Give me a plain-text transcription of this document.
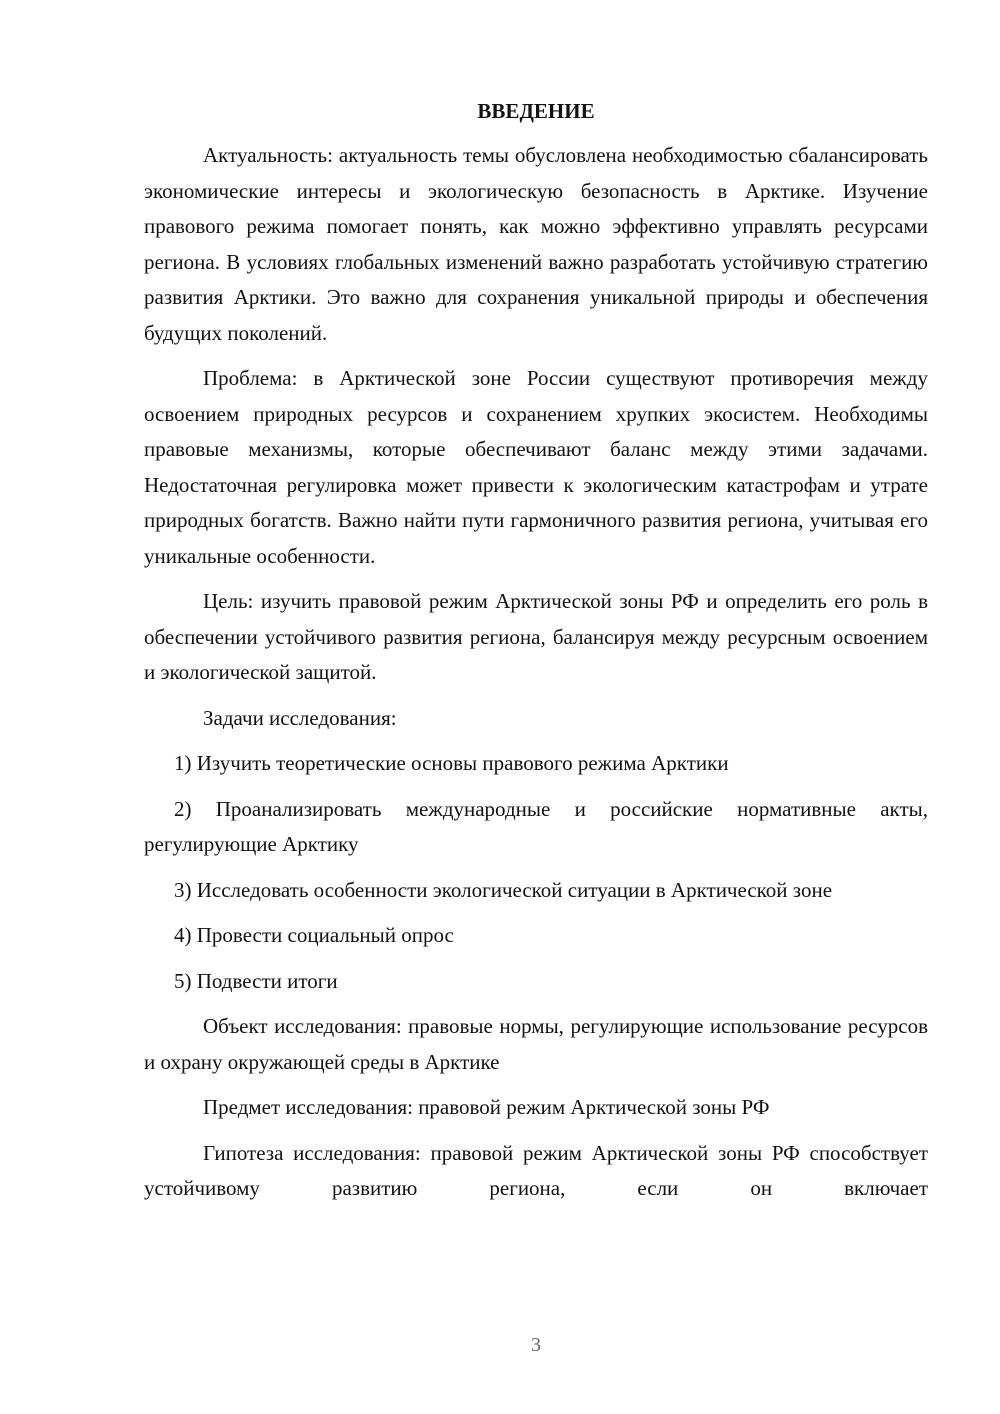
ВВЕДЕНИЕ

Актуальность: актуальность темы обусловлена необходимостью сбалансировать экономические интересы и экологическую безопасность в Арктике. Изучение правового режима помогает понять, как можно эффективно управлять ресурсами региона. В условиях глобальных изменений важно разработать устойчивую стратегию развития Арктики. Это важно для сохранения уникальной природы и обеспечения будущих поколений.

Проблема: в Арктической зоне России существуют противоречия между освоением природных ресурсов и сохранением хрупких экосистем. Необходимы правовые механизмы, которые обеспечивают баланс между этими задачами. Недостаточная регулировка может привести к экологическим катастрофам и утрате природных богатств. Важно найти пути гармоничного развития региона, учитывая его уникальные особенности.

Цель: изучить правовой режим Арктической зоны РФ и определить его роль в обеспечении устойчивого развития региона, балансируя между ресурсным освоением и экологической защитой.

Задачи исследования:

1) Изучить теоретические основы правового режима Арктики

2) Проанализировать международные и российские нормативные акты, регулирующие Арктику

3) Исследовать особенности экологической ситуации в Арктической зоне

4) Провести социальный опрос

5) Подвести итоги

Объект исследования: правовые нормы, регулирующие использование ресурсов и охрану окружающей среды в Арктике

Предмет исследования: правовой режим Арктической зоны РФ

Гипотеза исследования: правовой режим Арктической зоны РФ способствует устойчивому развитию региона, если он включает

3
